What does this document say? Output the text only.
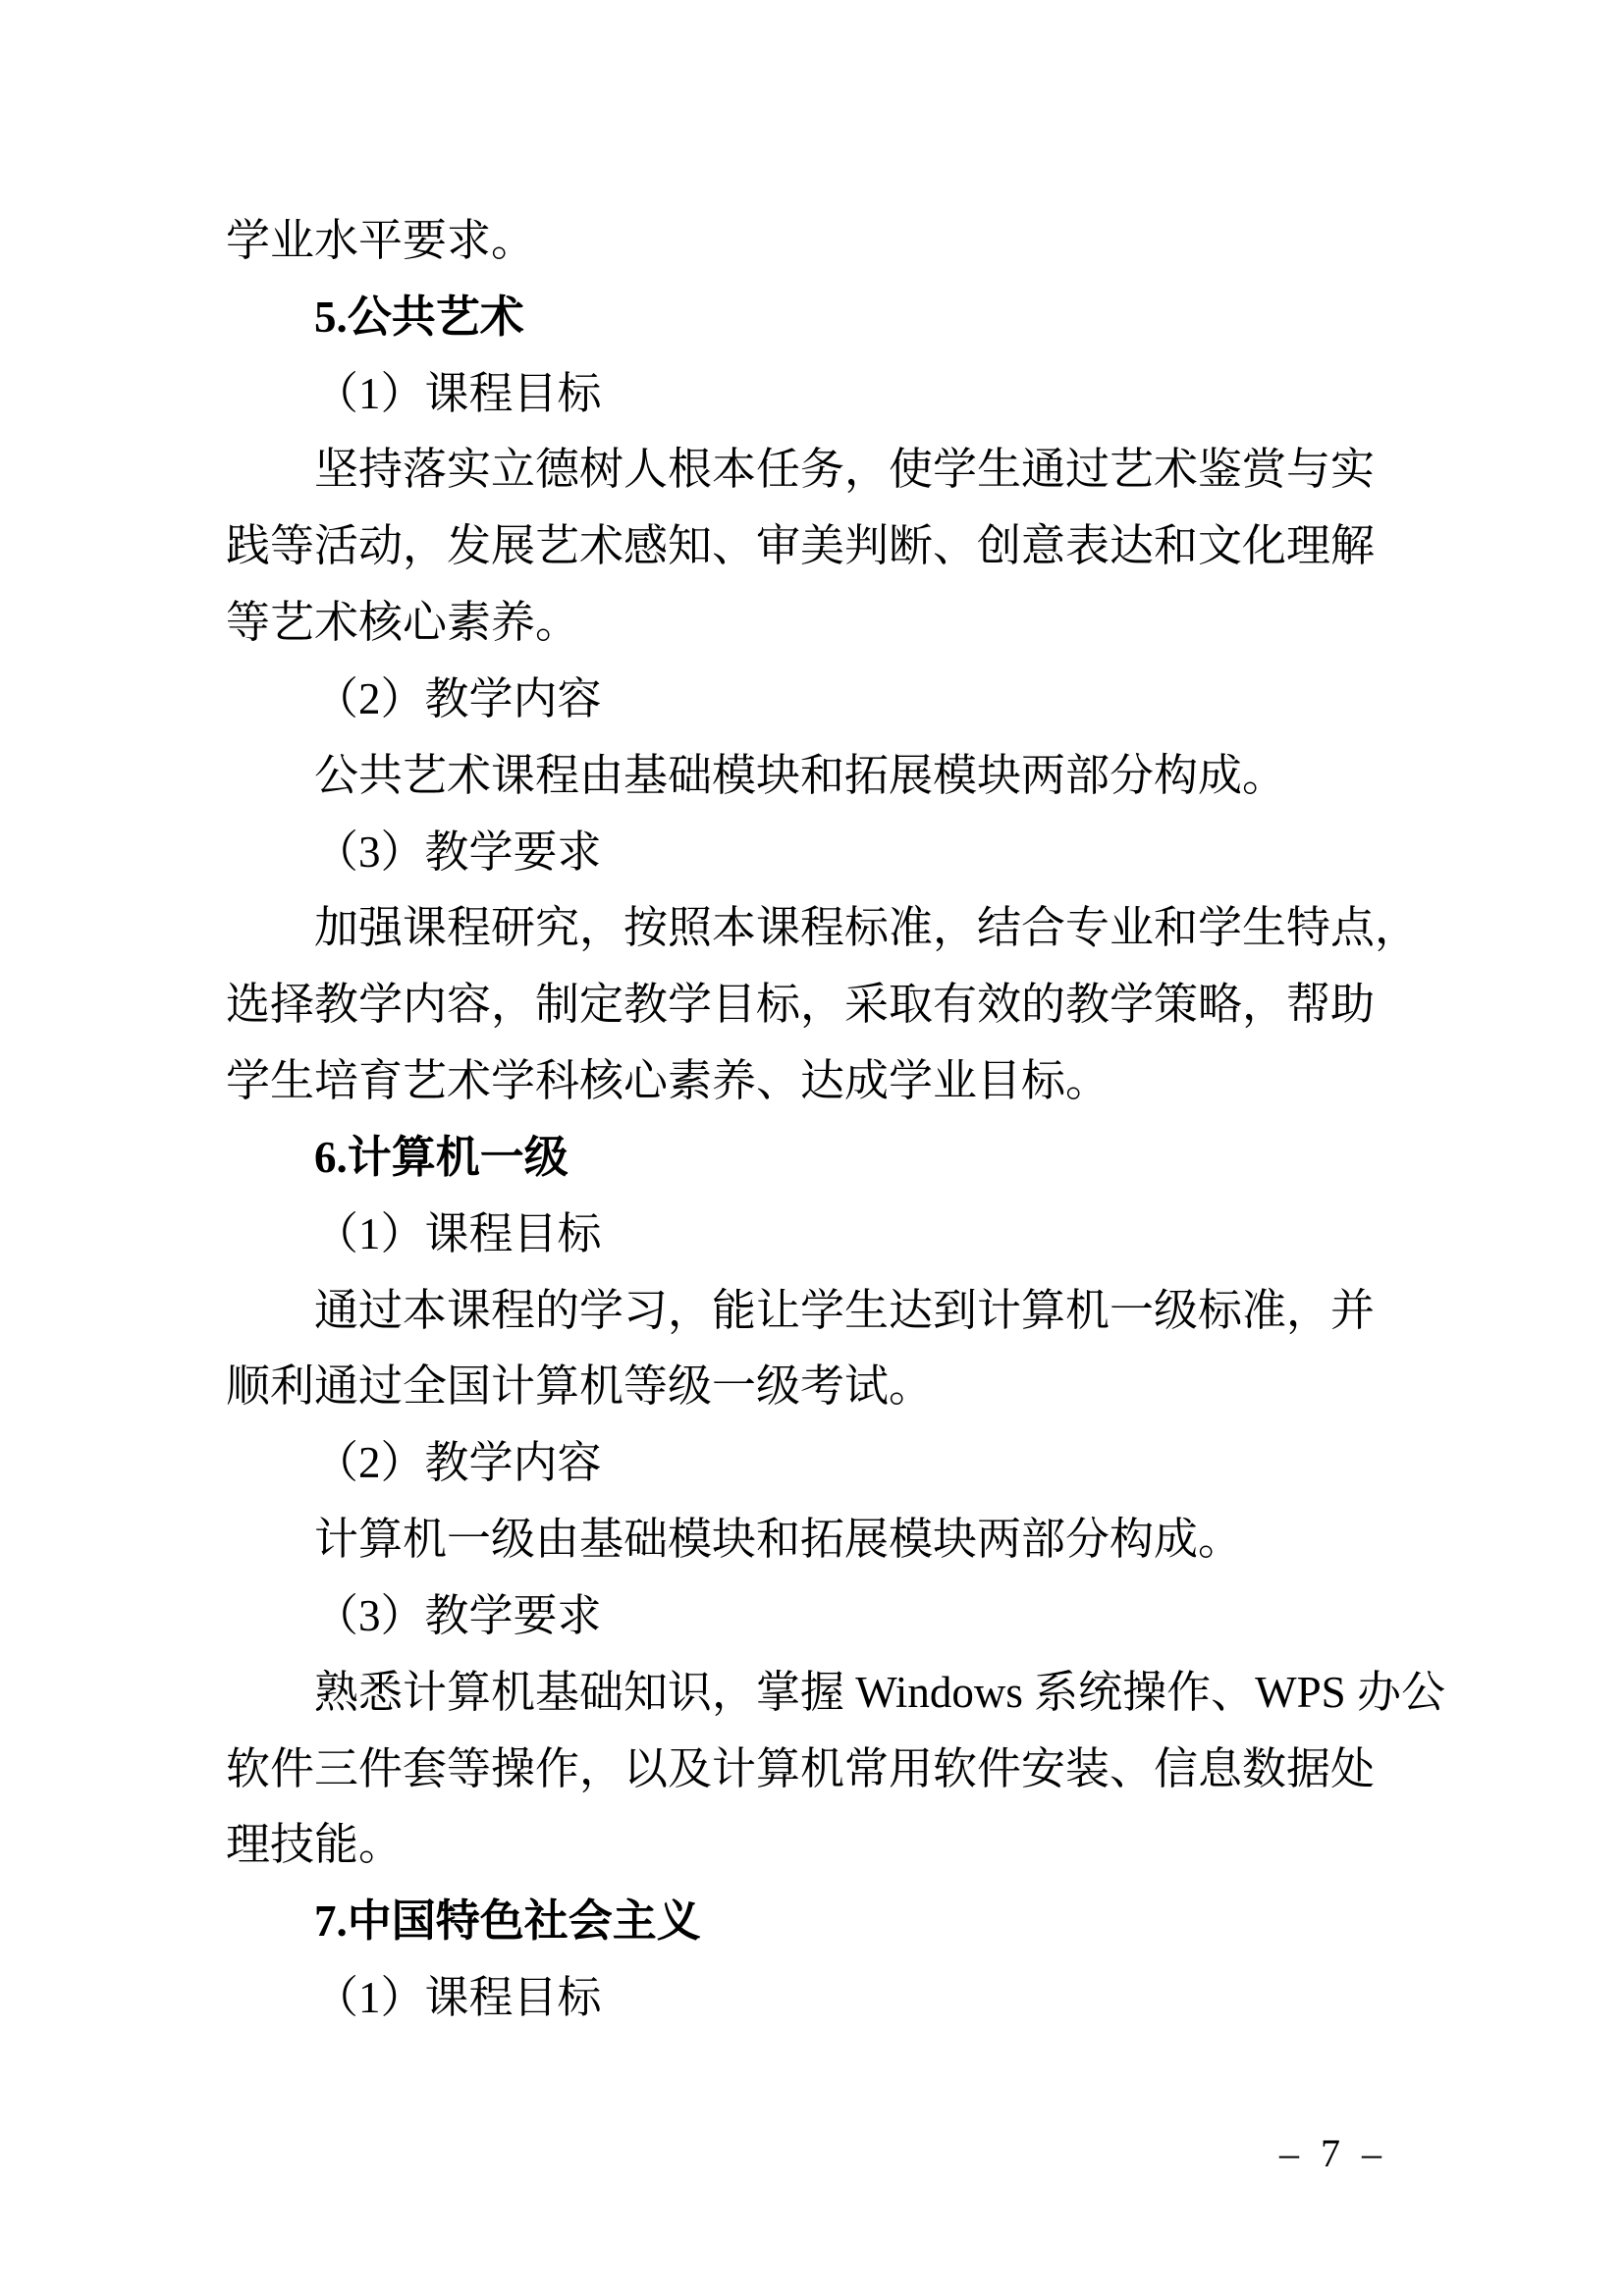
学业水平要求。
5.公共艺术
（1）课程目标
坚持落实立德树人根本任务，使学生通过艺术鉴赏与实
践等活动，发展艺术感知、审美判断、创意表达和文化理解
等艺术核心素养。
（2）教学内容
公共艺术课程由基础模块和拓展模块两部分构成。
（3）教学要求
加强课程研究，按照本课程标准，结合专业和学生特点，
选择教学内容，制定教学目标，采取有效的教学策略，帮助
学生培育艺术学科核心素养、达成学业目标。
6.计算机一级
（1）课程目标
通过本课程的学习，能让学生达到计算机一级标准，并
顺利通过全国计算机等级一级考试。
（2）教学内容
计算机一级由基础模块和拓展模块两部分构成。
（3）教学要求
熟悉计算机基础知识，掌握 Windows 系统操作、WPS 办公
软件三件套等操作，以及计算机常用软件安装、信息数据处
理技能。
7.中国特色社会主义
（1）课程目标
– 7 –
